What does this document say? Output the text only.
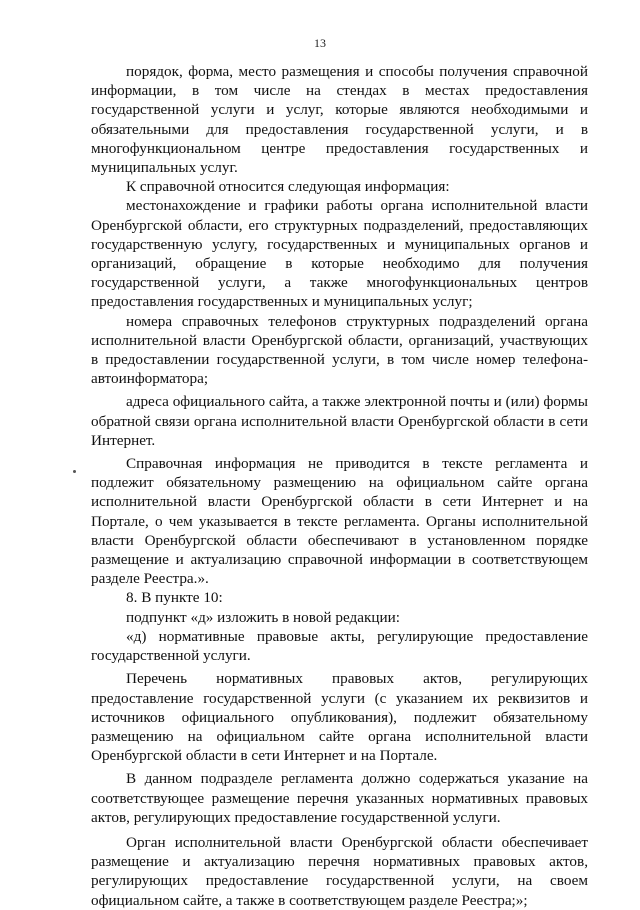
13

порядок, форма, место размещения и способы получения справочной информации, в том числе на стендах в местах предоставления государственной услуги и услуг, которые являются необходимыми и обязательными для предоставления государственной услуги, и в многофункциональном центре предоставления государственных и муниципальных услуг.

К справочной относится следующая информация:

местонахождение и графики работы органа исполнительной власти Оренбургской области, его структурных подразделений, предоставляющих государственную услугу, государственных и муниципальных органов и организаций, обращение в которые необходимо для получения государственной услуги, а также многофункциональных центров предоставления государственных и муниципальных услуг;

номера справочных телефонов структурных подразделений органа исполнительной власти Оренбургской области, организаций, участвующих в предоставлении государственной услуги, в том числе номер телефона-автоинформатора;

адреса официального сайта, а также электронной почты и (или) формы обратной связи органа исполнительной власти Оренбургской области в сети Интернет.

Справочная информация не приводится в тексте регламента и подлежит обязательному размещению на официальном сайте органа исполнительной власти Оренбургской области в сети Интернет и на Портале, о чем указывается в тексте регламента. Органы исполнительной власти Оренбургской области обеспечивают в установленном порядке размещение и актуализацию справочной информации в соответствующем разделе Реестра.».

8. В пункте 10:

подпункт «д» изложить в новой редакции:

«д) нормативные правовые акты, регулирующие предоставление государственной услуги.

Перечень нормативных правовых актов, регулирующих предоставление государственной услуги (с указанием их реквизитов и источников официального опубликования), подлежит обязательному размещению на официальном сайте органа исполнительной власти Оренбургской области в сети Интернет и на Портале.

В данном подразделе регламента должно содержаться указание на соответствующее размещение перечня указанных нормативных правовых актов, регулирующих предоставление государственной услуги.

Орган исполнительной власти Оренбургской области обеспечивает размещение и актуализацию перечня нормативных правовых актов, регулирующих предоставление государственной услуги, на своем официальном сайте, а также в соответствующем разделе Реестра;»;
